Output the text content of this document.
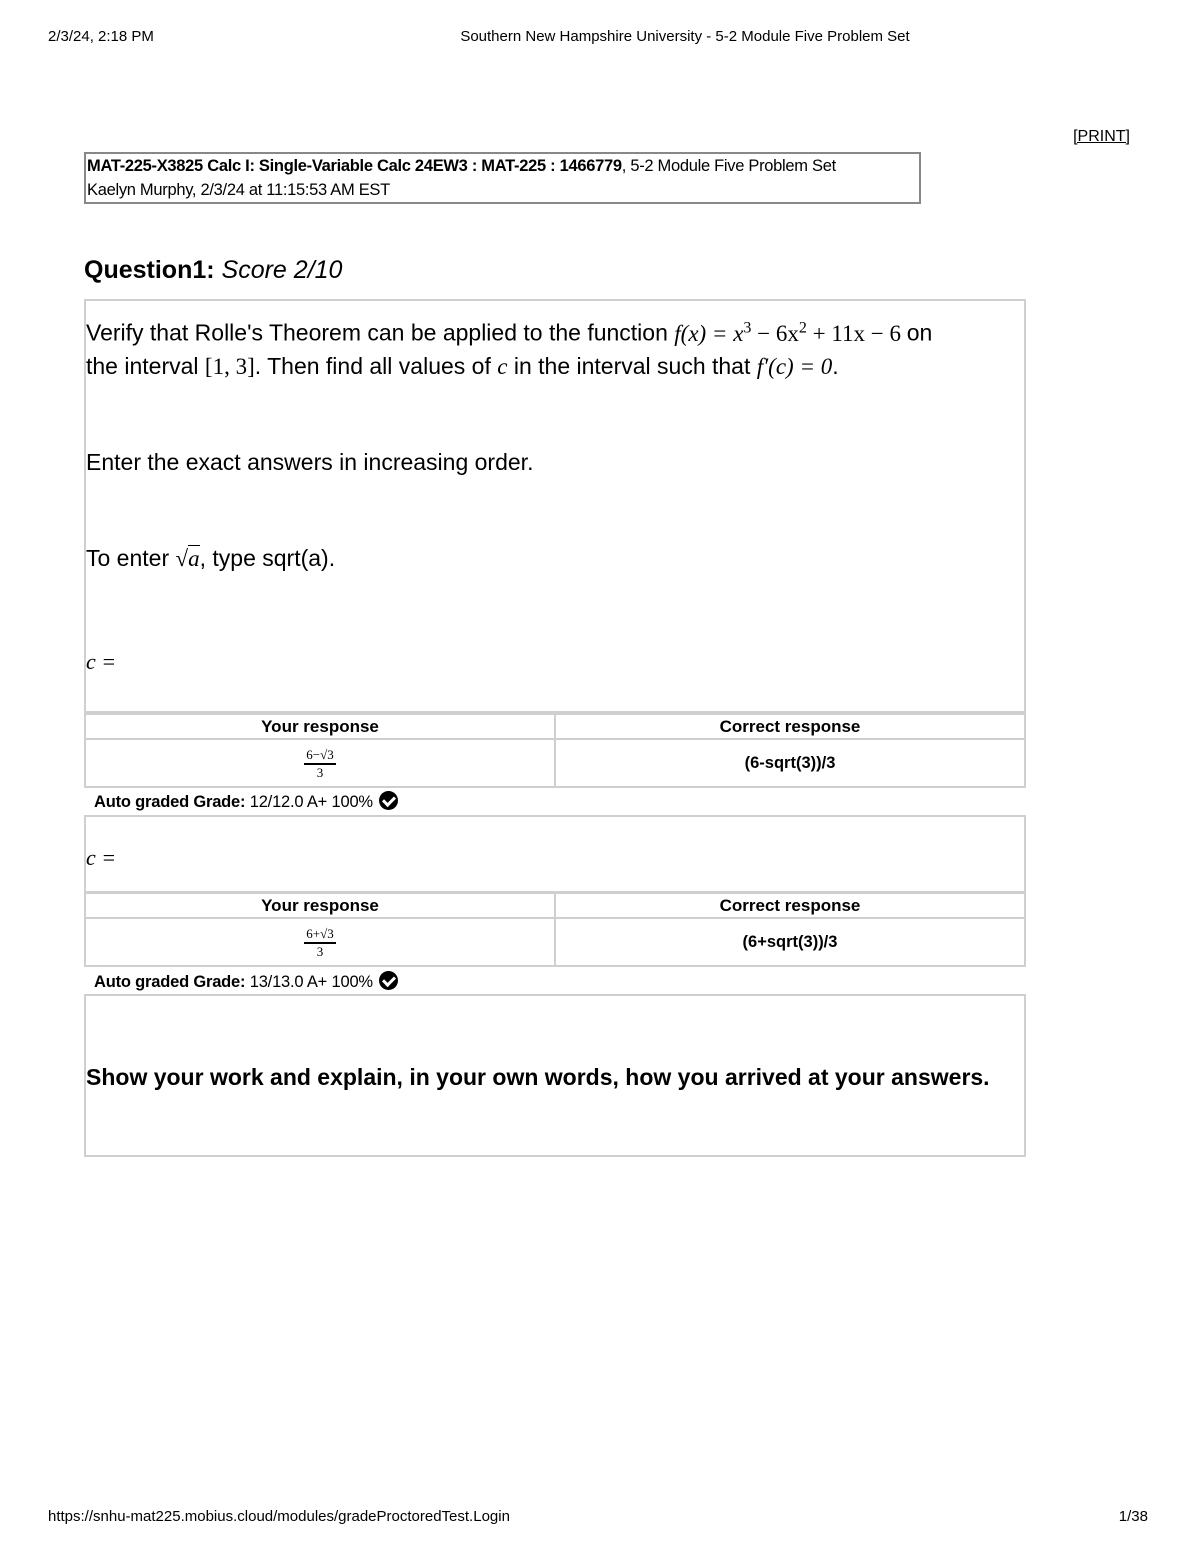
2/3/24, 2:18 PM	Southern New Hampshire University - 5-2 Module Five Problem Set
[PRINT]
MAT-225-X3825 Calc I: Single-Variable Calc 24EW3 : MAT-225 : 1466779, 5-2 Module Five Problem Set
Kaelyn Murphy, 2/3/24 at 11:15:53 AM EST
Question1: Score 2/10
Verify that Rolle's Theorem can be applied to the function $f(x) = x^3 - 6x^2 + 11x - 6$ on
the interval [1, 3]. Then find all values of c in the interval such that f′(c) = 0.
Enter the exact answers in increasing order.
To enter √a, type sqrt(a).
c =
Your response	Correct response

$\frac{6-√3}{3}$	(6-sqrt(3))/3
Auto graded Grade: 12/12.0 A+ 100%
c =
Your response	Correct response

$\frac{6+√3}{3}$	(6+sqrt(3))/3
Auto graded Grade: 13/13.0 A+ 100%
Show your work and explain, in your own words, how you arrived at your answers.
https://snhu-mat225.mobius.cloud/modules/gradeProctoredTest.Login	1/38
